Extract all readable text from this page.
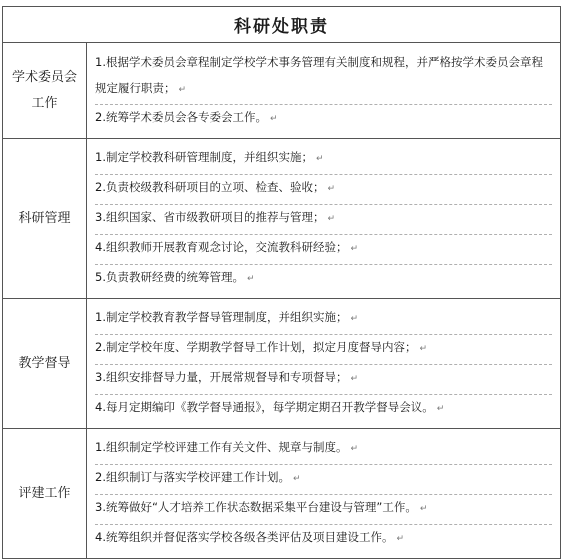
科研处职责	
学术委员会工作	1.根据学术委员会章程制定学校学术事务管理有关制度和规程，并严格按学术委员会章程规定履行职责； ↵
2.统筹学术委员会各专委会工作。 ↵

科研管理	1.制定学校教科研管理制度，并组织实施； ↵
2.负责校级教科研项目的立项、检查、验收； ↵
3.组织国家、省市级教研项目的推荐与管理； ↵
4.组织教师开展教育观念讨论，交流教科研经验； ↵
5.负责教研经费的统筹管理。 ↵

教学督导	1.制定学校教育教学督导管理制度，并组织实施； ↵
2.制定学校年度、学期教学督导工作计划，拟定月度督导内容； ↵
3.组织安排督导力量，开展常规督导和专项督导； ↵
4.每月定期编印《教学督导通报》，每学期定期召开教学督导会议。 ↵

评建工作	1.组织制定学校评建工作有关文件、规章与制度。 ↵
2.组织制订与落实学校评建工作计划。 ↵
3.统筹做好“人才培养工作状态数据采集平台建设与管理”工作。 ↵
4.统筹组织并督促落实学校各级各类评估及项目建设工作。 ↵
